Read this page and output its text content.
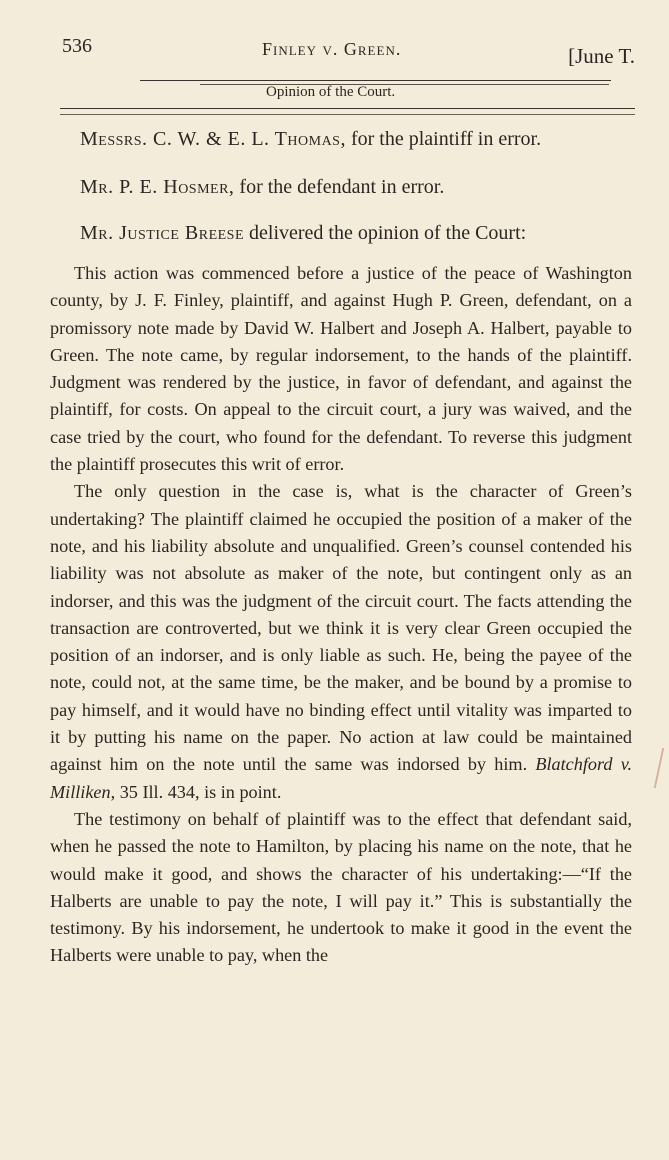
536	Finley v. Green.	[June T.
Opinion of the Court.
Messrs. C. W. & E. L. Thomas, for the plaintiff in error.
Mr. P. E. Hosmer, for the defendant in error.
Mr. Justice Breese delivered the opinion of the Court:

This action was commenced before a justice of the peace of Washington county, by J. F. Finley, plaintiff, and against Hugh P. Green, defendant, on a promissory note made by David W. Halbert and Joseph A. Halbert, payable to Green. The note came, by regular indorsement, to the hands of the plaintiff. Judgment was rendered by the justice, in favor of defendant, and against the plaintiff, for costs. On appeal to the circuit court, a jury was waived, and the case tried by the court, who found for the defendant. To reverse this judgment the plaintiff prosecutes this writ of error.

The only question in the case is, what is the character of Green’s undertaking? The plaintiff claimed he occupied the position of a maker of the note, and his liability absolute and unqualified. Green’s counsel contended his liability was not absolute as maker of the note, but contingent only as an indorser, and this was the judgment of the circuit court. The facts attending the transaction are controverted, but we think it is very clear Green occupied the position of an indorser, and is only liable as such. He, being the payee of the note, could not, at the same time, be the maker, and be bound by a promise to pay himself, and it would have no binding effect until vitality was imparted to it by putting his name on the paper. No action at law could be maintained against him on the note until the same was indorsed by him. Blatchford v. Milliken, 35 Ill. 434, is in point.

The testimony on behalf of plaintiff was to the effect that defendant said, when he passed the note to Hamilton, by placing his name on the note, that he would make it good, and shows the character of his undertaking:—“If the Halberts are unable to pay the note, I will pay it.” This is substantially the testimony. By his indorsement, he undertook to make it good in the event the Halberts were unable to pay, when the
